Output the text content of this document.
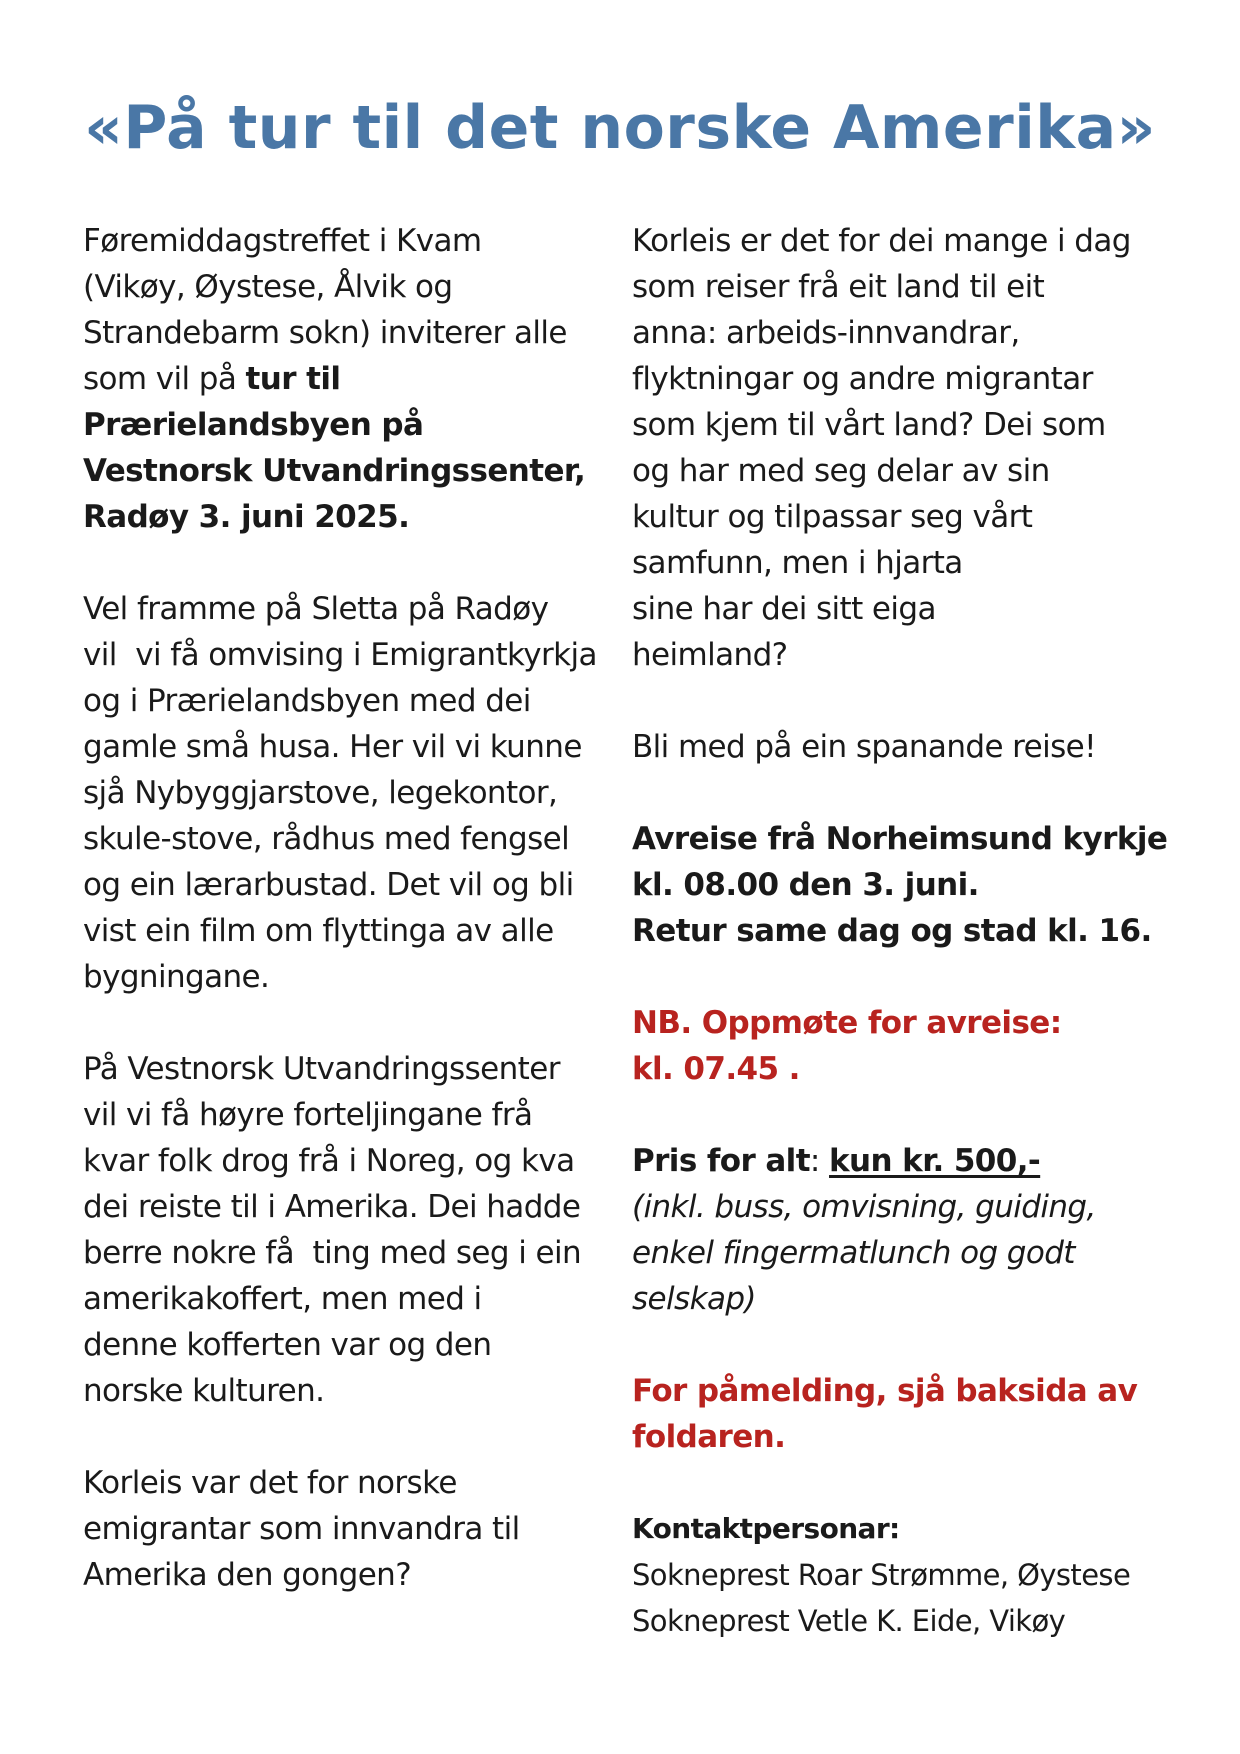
«På tur til det norske Amerika»
Føremiddagstreffet i Kvam
(Vikøy, Øystese, Ålvik og
Strandebarm sokn) inviterer alle
som vil på tur til
Prærielandsbyen på
Vestnorsk Utvandringssenter,
Radøy 3. juni 2025.
Vel framme på Sletta på Radøy
vil  vi få omvising i Emigrantkyrkja
og i Prærielandsbyen med dei
gamle små husa. Her vil vi kunne
sjå Nybyggjarstove, legekontor,
skule-stove, rådhus med fengsel
og ein lærarbustad. Det vil og bli
vist ein film om flyttinga av alle
bygningane.
På Vestnorsk Utvandringssenter
vil vi få høyre forteljingane frå
kvar folk drog frå i Noreg, og kva
dei reiste til i Amerika. Dei hadde
berre nokre få  ting med seg i ein
amerikakoffert, men med i
denne kofferten var og den
norske kulturen.
Korleis var det for norske
emigrantar som innvandra til
Amerika den gongen?
Korleis er det for dei mange i dag
som reiser frå eit land til eit
anna: arbeids-innvandrar,
flyktningar og andre migrantar
som kjem til vårt land? Dei som
og har med seg delar av sin
kultur og tilpassar seg vårt
samfunn, men i hjarta
sine har dei sitt eiga
heimland?
Bli med på ein spanande reise!
Avreise frå Norheimsund kyrkje
kl. 08.00 den 3. juni.
Retur same dag og stad kl. 16.
NB. Oppmøte for avreise:
kl. 07.45 .
Pris for alt: kun kr. 500,-
(inkl. buss, omvisning, guiding,
enkel fingermatlunch og godt
selskap)
For påmelding, sjå baksida av
foldaren.
Kontaktpersonar:
Sokneprest Roar Strømme, Øystese
Sokneprest Vetle K. Eide, Vikøy
